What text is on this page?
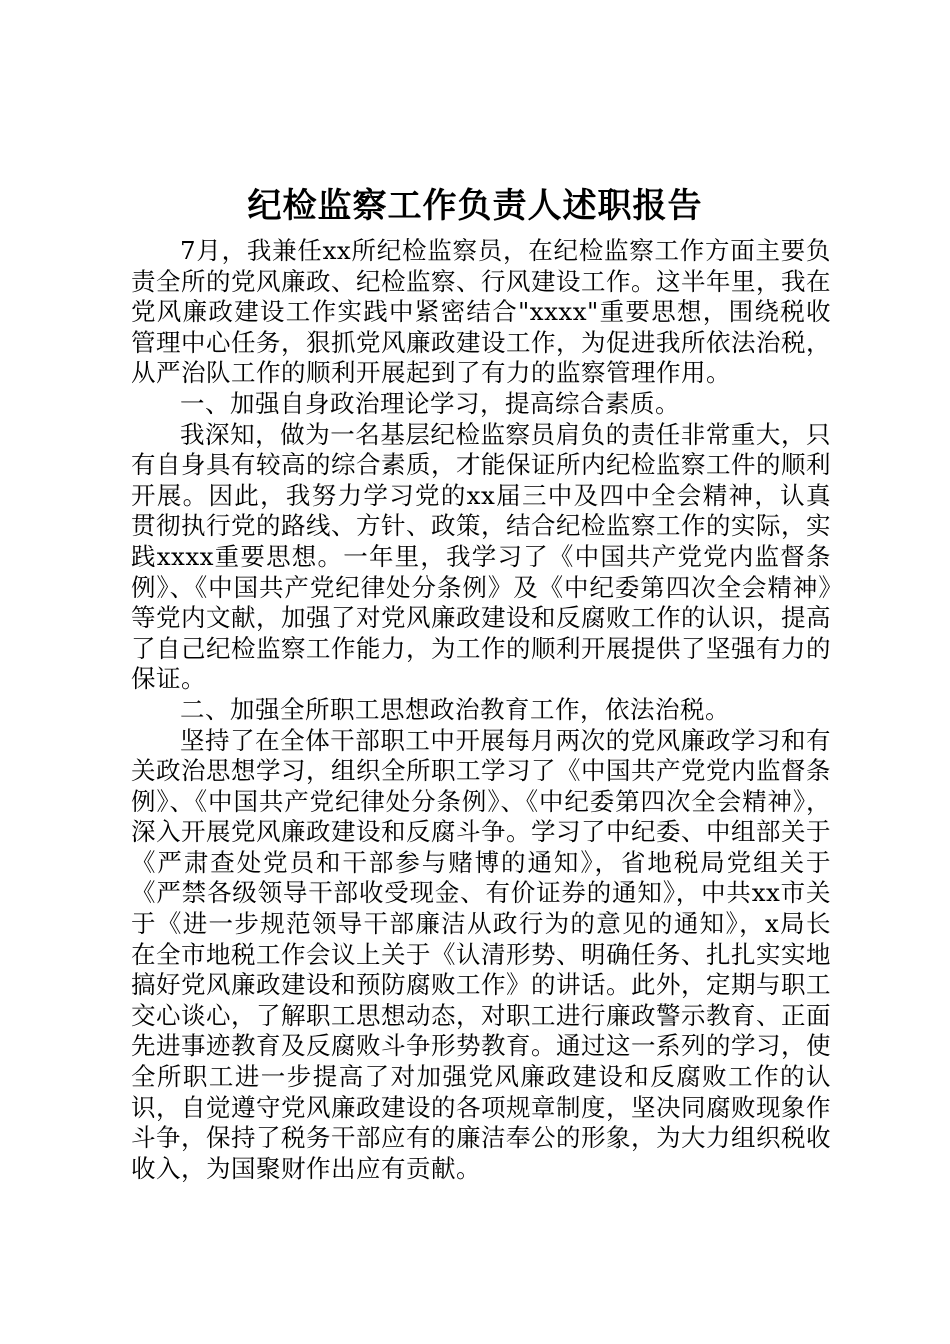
纪检监察工作负责人述职报告

7月，我兼任xx所纪检监察员，在纪检监察工作方面主要负责全所的党风廉政、纪检监察、行风建设工作。这半年里，我在党风廉政建设工作实践中紧密结合"xxxx"重要思想，围绕税收管理中心任务，狠抓党风廉政建设工作，为促进我所依法治税，从严治队工作的顺利开展起到了有力的监察管理作用。

一、加强自身政治理论学习，提高综合素质。

我深知，做为一名基层纪检监察员肩负的责任非常重大，只有自身具有较高的综合素质，才能保证所内纪检监察工件的顺利开展。因此，我努力学习党的xx届三中及四中全会精神，认真贯彻执行党的路线、方针、政策，结合纪检监察工作的实际，实践xxxx重要思想。一年里，我学习了《中国共产党党内监督条例》、《中国共产党纪律处分条例》及《中纪委第四次全会精神》等党内文献，加强了对党风廉政建设和反腐败工作的认识，提高了自己纪检监察工作能力，为工作的顺利开展提供了坚强有力的保证。

二、加强全所职工思想政治教育工作，依法治税。

坚持了在全体干部职工中开展每月两次的党风廉政学习和有关政治思想学习，组织全所职工学习了《中国共产党党内监督条例》、《中国共产党纪律处分条例》、《中纪委第四次全会精神》，深入开展党风廉政建设和反腐斗争。学习了中纪委、中组部关于《严肃查处党员和干部参与赌博的通知》，省地税局党组关于《严禁各级领导干部收受现金、有价证券的通知》，中共xx市关于《进一步规范领导干部廉洁从政行为的意见的通知》，x局长在全市地税工作会议上关于《认清形势、明确任务、扎扎实实地搞好党风廉政建设和预防腐败工作》的讲话。此外，定期与职工交心谈心，了解职工思想动态，对职工进行廉政警示教育、正面先进事迹教育及反腐败斗争形势教育。通过这一系列的学习，使全所职工进一步提高了对加强党风廉政建设和反腐败工作的认识，自觉遵守党风廉政建设的各项规章制度，坚决同腐败现象作斗争，保持了税务干部应有的廉洁奉公的形象，为大力组织税收收入，为国聚财作出应有贡献。
